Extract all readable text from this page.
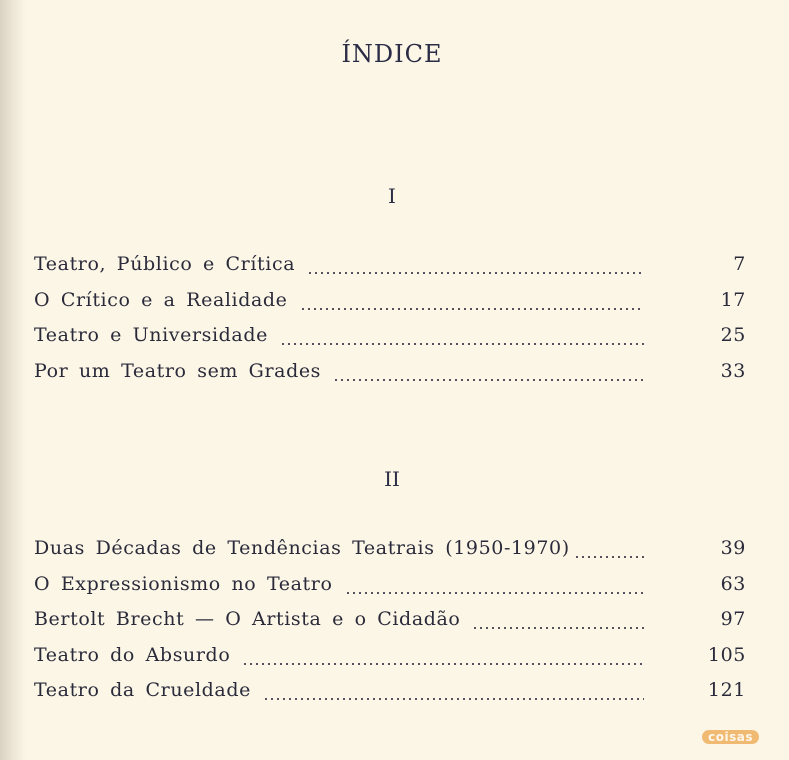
ÍNDICE
I
Teatro, Público e Crítica	7
O Crítico e a Realidade	17
Teatro e Universidade	25
Por um Teatro sem Grades	33
II
Duas Décadas de Tendências Teatrais (1950-1970)	39
O Expressionismo no Teatro	63
Bertolt Brecht — O Artista e o Cidadão	97
Teatro do Absurdo	105
Teatro da Crueldade	121
coisas
